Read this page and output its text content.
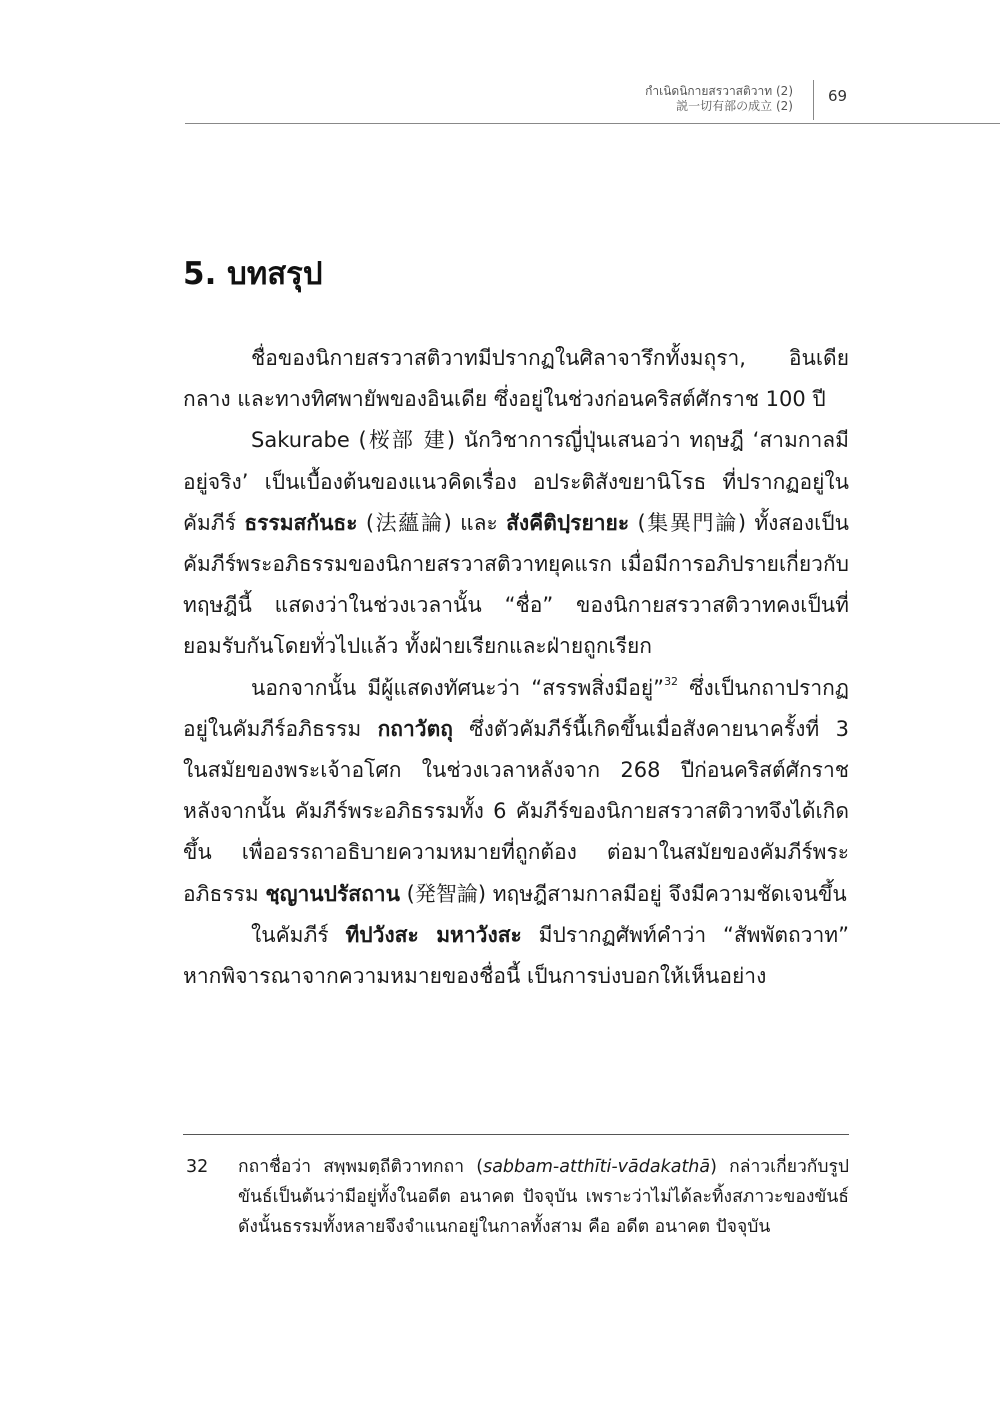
กำเนิดนิกายสรวาสติวาท (2)
説一切有部の成立 (2)
69
5. บทสรุป

ชื่อของนิกายสรวาสติวาทมีปรากฏในศิลาจารึกทั้งมถุรา, อินเดียกลาง และทางทิศพายัพของอินเดีย ซึ่งอยู่ในช่วงก่อนคริสต์ศักราช 100 ปี

Sakurabe (桜部 建) นักวิชาการญี่ปุ่นเสนอว่า ทฤษฎี ‘สามกาลมีอยู่จริง’ เป็นเบื้องต้นของแนวคิดเรื่อง อประติสังขยานิโรธ ที่ปรากฏอยู่ในคัมภีร์ ธรรมสกันธะ (法蘊論) และ สังคีติปฺรยายะ (集異門論) ทั้งสองเป็นคัมภีร์พระอภิธรรมของนิกายสรวาสติวาทยุคแรก เมื่อมีการอภิปรายเกี่ยวกับทฤษฎีนี้ แสดงว่าในช่วงเวลานั้น “ชื่อ” ของนิกายสรวาสติวาทคงเป็นที่ยอมรับกันโดยทั่วไปแล้ว ทั้งฝ่ายเรียกและฝ่ายถูกเรียก

นอกจากนั้น มีผู้แสดงทัศนะว่า “สรรพสิ่งมีอยู่”$^{32}$ ซึ่งเป็นกถาปรากฏอยู่ในคัมภีร์อภิธรรม กถาวัตถุ ซึ่งตัวคัมภีร์นี้เกิดขึ้นเมื่อสังคายนาครั้งที่ 3 ในสมัยของพระเจ้าอโศก ในช่วงเวลาหลังจาก 268 ปีก่อนคริสต์ศักราช หลังจากนั้น คัมภีร์พระอภิธรรมทั้ง 6 คัมภีร์ของนิกายสรวาสติวาทจึงได้เกิดขึ้น เพื่ออรรถาอธิบายความหมายที่ถูกต้อง ต่อมาในสมัยของคัมภีร์พระอภิธรรม ชฺญานปรัสถาน (発智論) ทฤษฎีสามกาลมีอยู่ จึงมีความชัดเจนขึ้น

ในคัมภีร์ ทีปวังสะ มหาวังสะ มีปรากฏศัพท์คำว่า “สัพพัตถวาท” หากพิจารณาจากความหมายของชื่อนี้ เป็นการบ่งบอกให้เห็นอย่าง

32 กถาชื่อว่า สพฺพมตฺถีติวาทกถา (sabbam-atthīti-vādakathā) กล่าวเกี่ยวกับรูปขันธ์เป็นต้นว่ามีอยู่ทั้งในอดีต อนาคต ปัจจุบัน เพราะว่าไม่ได้ละทิ้งสภาวะของขันธ์ ดังนั้นธรรมทั้งหลายจึงจำแนกอยู่ในกาลทั้งสาม คือ อดีต อนาคต ปัจจุบัน
